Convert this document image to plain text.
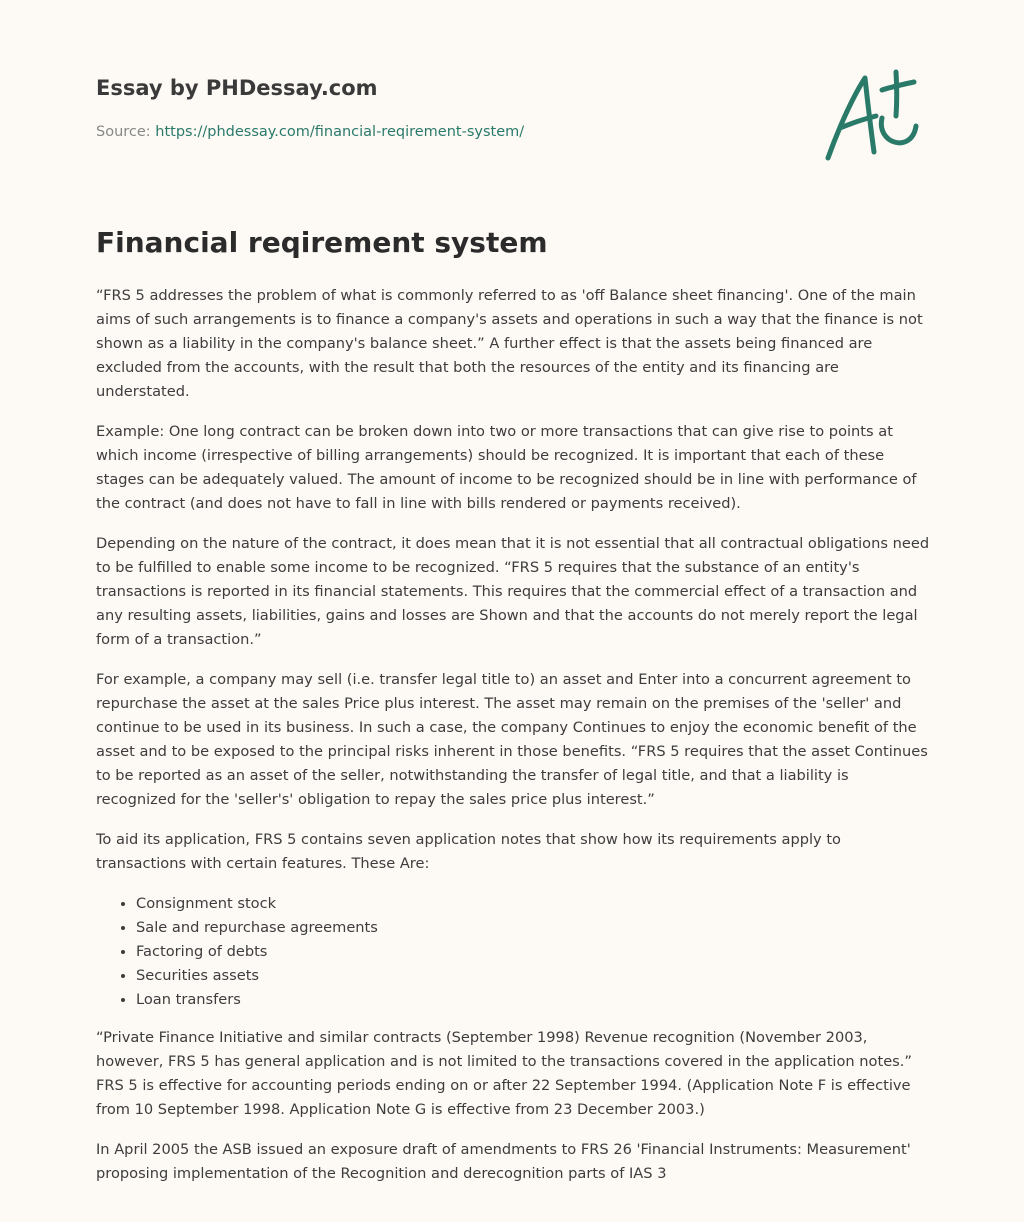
Essay by PHDessay.com
Source: https://phdessay.com/financial-reqirement-system/
Financial reqirement system

“FRS 5 addresses the problem of what is commonly referred to as 'off Balance sheet financing'. One of the main aims of such arrangements is to finance a company's assets and operations in such a way that the finance is not shown as a liability in the company's balance sheet.” A further effect is that the assets being financed are excluded from the accounts, with the result that both the resources of the entity and its financing are understated.

Example: One long contract can be broken down into two or more transactions that can give rise to points at which income (irrespective of billing arrangements) should be recognized. It is important that each of these stages can be adequately valued. The amount of income to be recognized should be in line with performance of the contract (and does not have to fall in line with bills rendered or payments received).

Depending on the nature of the contract, it does mean that it is not essential that all contractual obligations need to be fulfilled to enable some income to be recognized. “FRS 5 requires that the substance of an entity's transactions is reported in its financial statements. This requires that the commercial effect of a transaction and any resulting assets, liabilities, gains and losses are Shown and that the accounts do not merely report the legal form of a transaction.”

For example, a company may sell (i.e. transfer legal title to) an asset and Enter into a concurrent agreement to repurchase the asset at the sales Price plus interest. The asset may remain on the premises of the 'seller' and continue to be used in its business. In such a case, the company Continues to enjoy the economic benefit of the asset and to be exposed to the principal risks inherent in those benefits. “FRS 5 requires that the asset Continues to be reported as an asset of the seller, notwithstanding the transfer of legal title, and that a liability is recognized for the 'seller's' obligation to repay the sales price plus interest.”

To aid its application, FRS 5 contains seven application notes that show how its requirements apply to transactions with certain features. These Are:

• Consignment stock
• Sale and repurchase agreements
• Factoring of debts
• Securities assets
• Loan transfers

“Private Finance Initiative and similar contracts (September 1998) Revenue recognition (November 2003, however, FRS 5 has general application and is not limited to the transactions covered in the application notes.” FRS 5 is effective for accounting periods ending on or after 22 September 1994. (Application Note F is effective from 10 September 1998. Application Note G is effective from 23 December 2003.)

In April 2005 the ASB issued an exposure draft of amendments to FRS 26 'Financial Instruments: Measurement' proposing implementation of the Recognition and derecognition parts of IAS 3
